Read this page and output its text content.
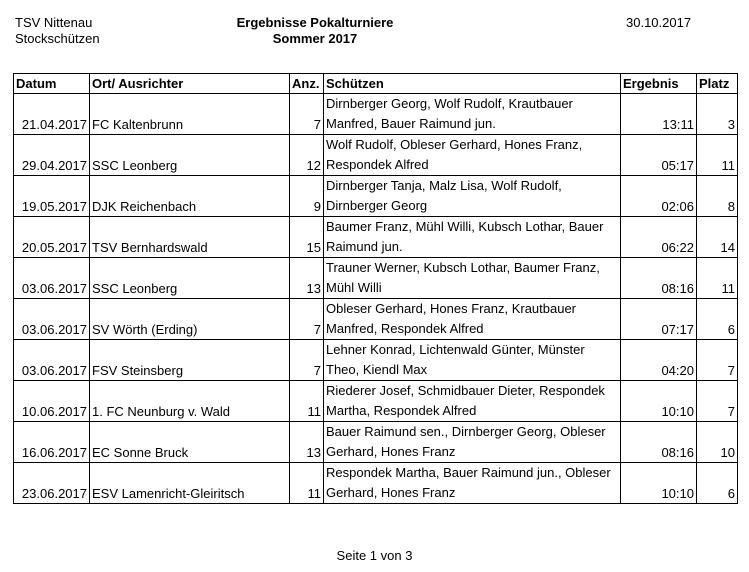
TSV Nittenau
Stockschützen
Ergebnisse Pokalturniere
Sommer 2017
30.10.2017
Datum	Ort/ Ausrichter	Anz.	Schützen	Ergebnis	Platz
21.04.2017	FC Kaltenbrunn	7	Dirnberger Georg, Wolf Rudolf, Krautbauer Manfred, Bauer Raimund jun.	13:11	3
29.04.2017	SSC Leonberg	12	Wolf Rudolf, Obleser Gerhard, Hones Franz, Respondek Alfred	05:17	11
19.05.2017	DJK Reichenbach	9	Dirnberger Tanja, Malz Lisa, Wolf Rudolf, Dirnberger Georg	02:06	8
20.05.2017	TSV Bernhardswald	15	Baumer Franz, Mühl Willi, Kubsch Lothar, Bauer Raimund jun.	06:22	14
03.06.2017	SSC Leonberg	13	Trauner Werner, Kubsch Lothar, Baumer Franz, Mühl Willi	08:16	11
03.06.2017	SV Wörth (Erding)	7	Obleser Gerhard, Hones Franz, Krautbauer Manfred, Respondek Alfred	07:17	6
03.06.2017	FSV Steinsberg	7	Lehner Konrad, Lichtenwald Günter, Münster Theo, Kiendl Max	04:20	7
10.06.2017	1. FC Neunburg v. Wald	11	Riederer Josef, Schmidbauer Dieter, Respondek Martha, Respondek Alfred	10:10	7
16.06.2017	EC Sonne Bruck	13	Bauer Raimund sen., Dirnberger Georg, Obleser Gerhard, Hones Franz	08:16	10
23.06.2017	ESV Lamenricht-Gleiritsch	11	Respondek Martha, Bauer Raimund jun., Obleser Gerhard, Hones Franz	10:10	6
Seite 1 von 3
